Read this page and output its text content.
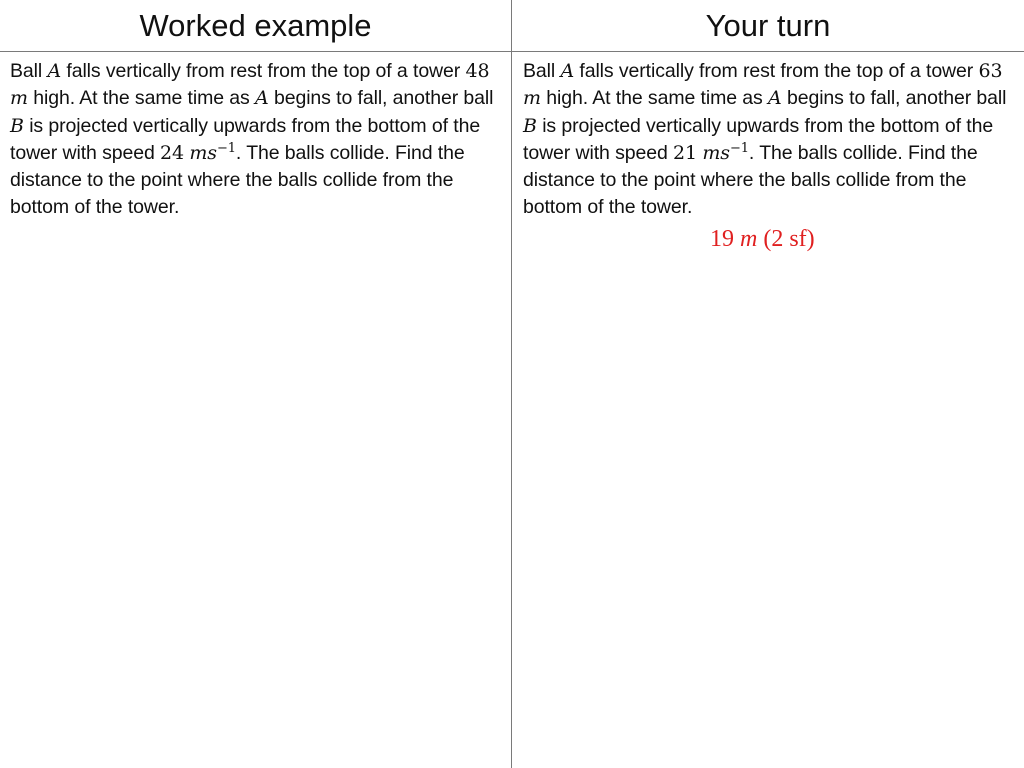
Worked example	Your turn
Ball A falls vertically from rest from the top of a tower 48 m high. At the same time as A begins to fall, another ball B is projected vertically upwards from the bottom of the tower with speed 24 $ms^{-1}$. The balls collide. Find the distance to the point where the balls collide from the bottom of the tower.
Ball A falls vertically from rest from the top of a tower 63 m high. At the same time as A begins to fall, another ball B is projected vertically upwards from the bottom of the tower with speed 21 $ms^{-1}$. The balls collide. Find the distance to the point where the balls collide from the bottom of the tower.
19 m (2 sf)
